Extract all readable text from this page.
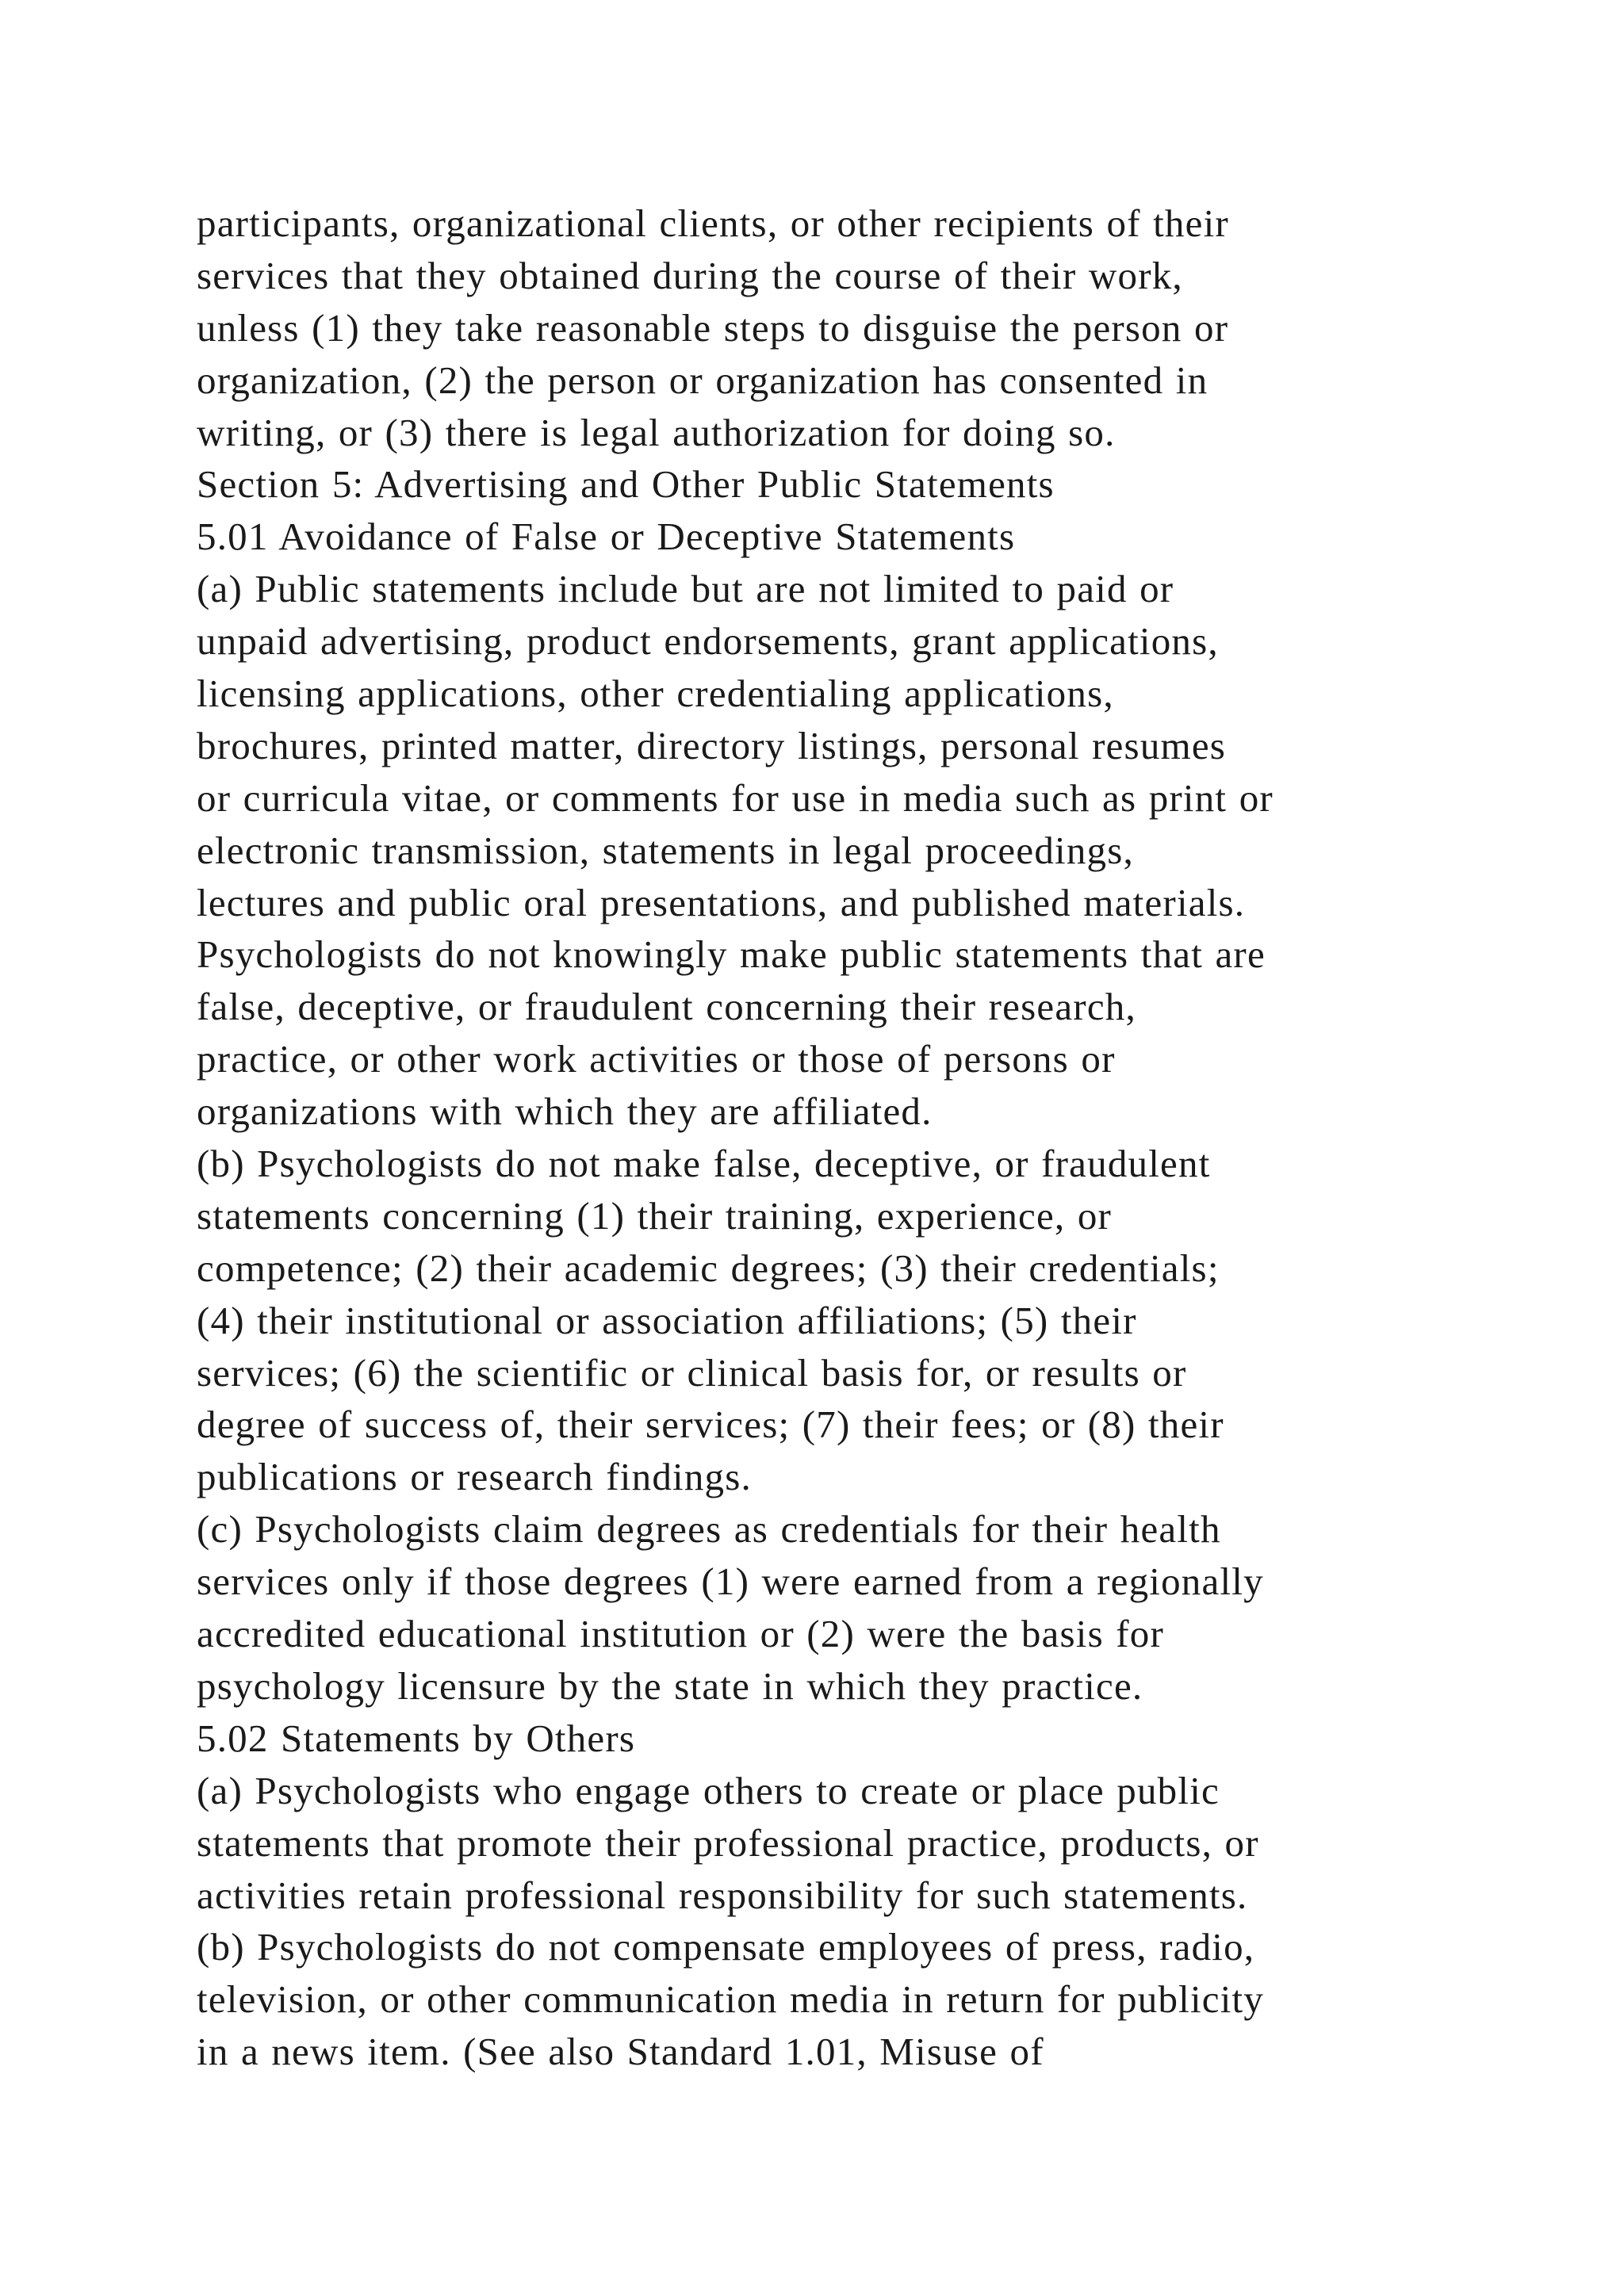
participants, organizational clients, or other recipients of their
services that they obtained during the course of their work,
unless (1) they take reasonable steps to disguise the person or
organization, (2) the person or organization has consented in
writing, or (3) there is legal authorization for doing so.
Section 5: Advertising and Other Public Statements
5.01 Avoidance of False or Deceptive Statements
(a) Public statements include but are not limited to paid or
unpaid advertising, product endorsements, grant applications,
licensing applications, other credentialing applications,
brochures, printed matter, directory listings, personal resumes
or curricula vitae, or comments for use in media such as print or
electronic transmission, statements in legal proceedings,
lectures and public oral presentations, and published materials.
Psychologists do not knowingly make public statements that are
false, deceptive, or fraudulent concerning their research,
practice, or other work activities or those of persons or
organizations with which they are affiliated.
(b) Psychologists do not make false, deceptive, or fraudulent
statements concerning (1) their training, experience, or
competence; (2) their academic degrees; (3) their credentials;
(4) their institutional or association affiliations; (5) their
services; (6) the scientific or clinical basis for, or results or
degree of success of, their services; (7) their fees; or (8) their
publications or research findings.
(c) Psychologists claim degrees as credentials for their health
services only if those degrees (1) were earned from a regionally
accredited educational institution or (2) were the basis for
psychology licensure by the state in which they practice.
5.02 Statements by Others
(a) Psychologists who engage others to create or place public
statements that promote their professional practice, products, or
activities retain professional responsibility for such statements.
(b) Psychologists do not compensate employees of press, radio,
television, or other communication media in return for publicity
in a news item. (See also Standard 1.01, Misuse of
